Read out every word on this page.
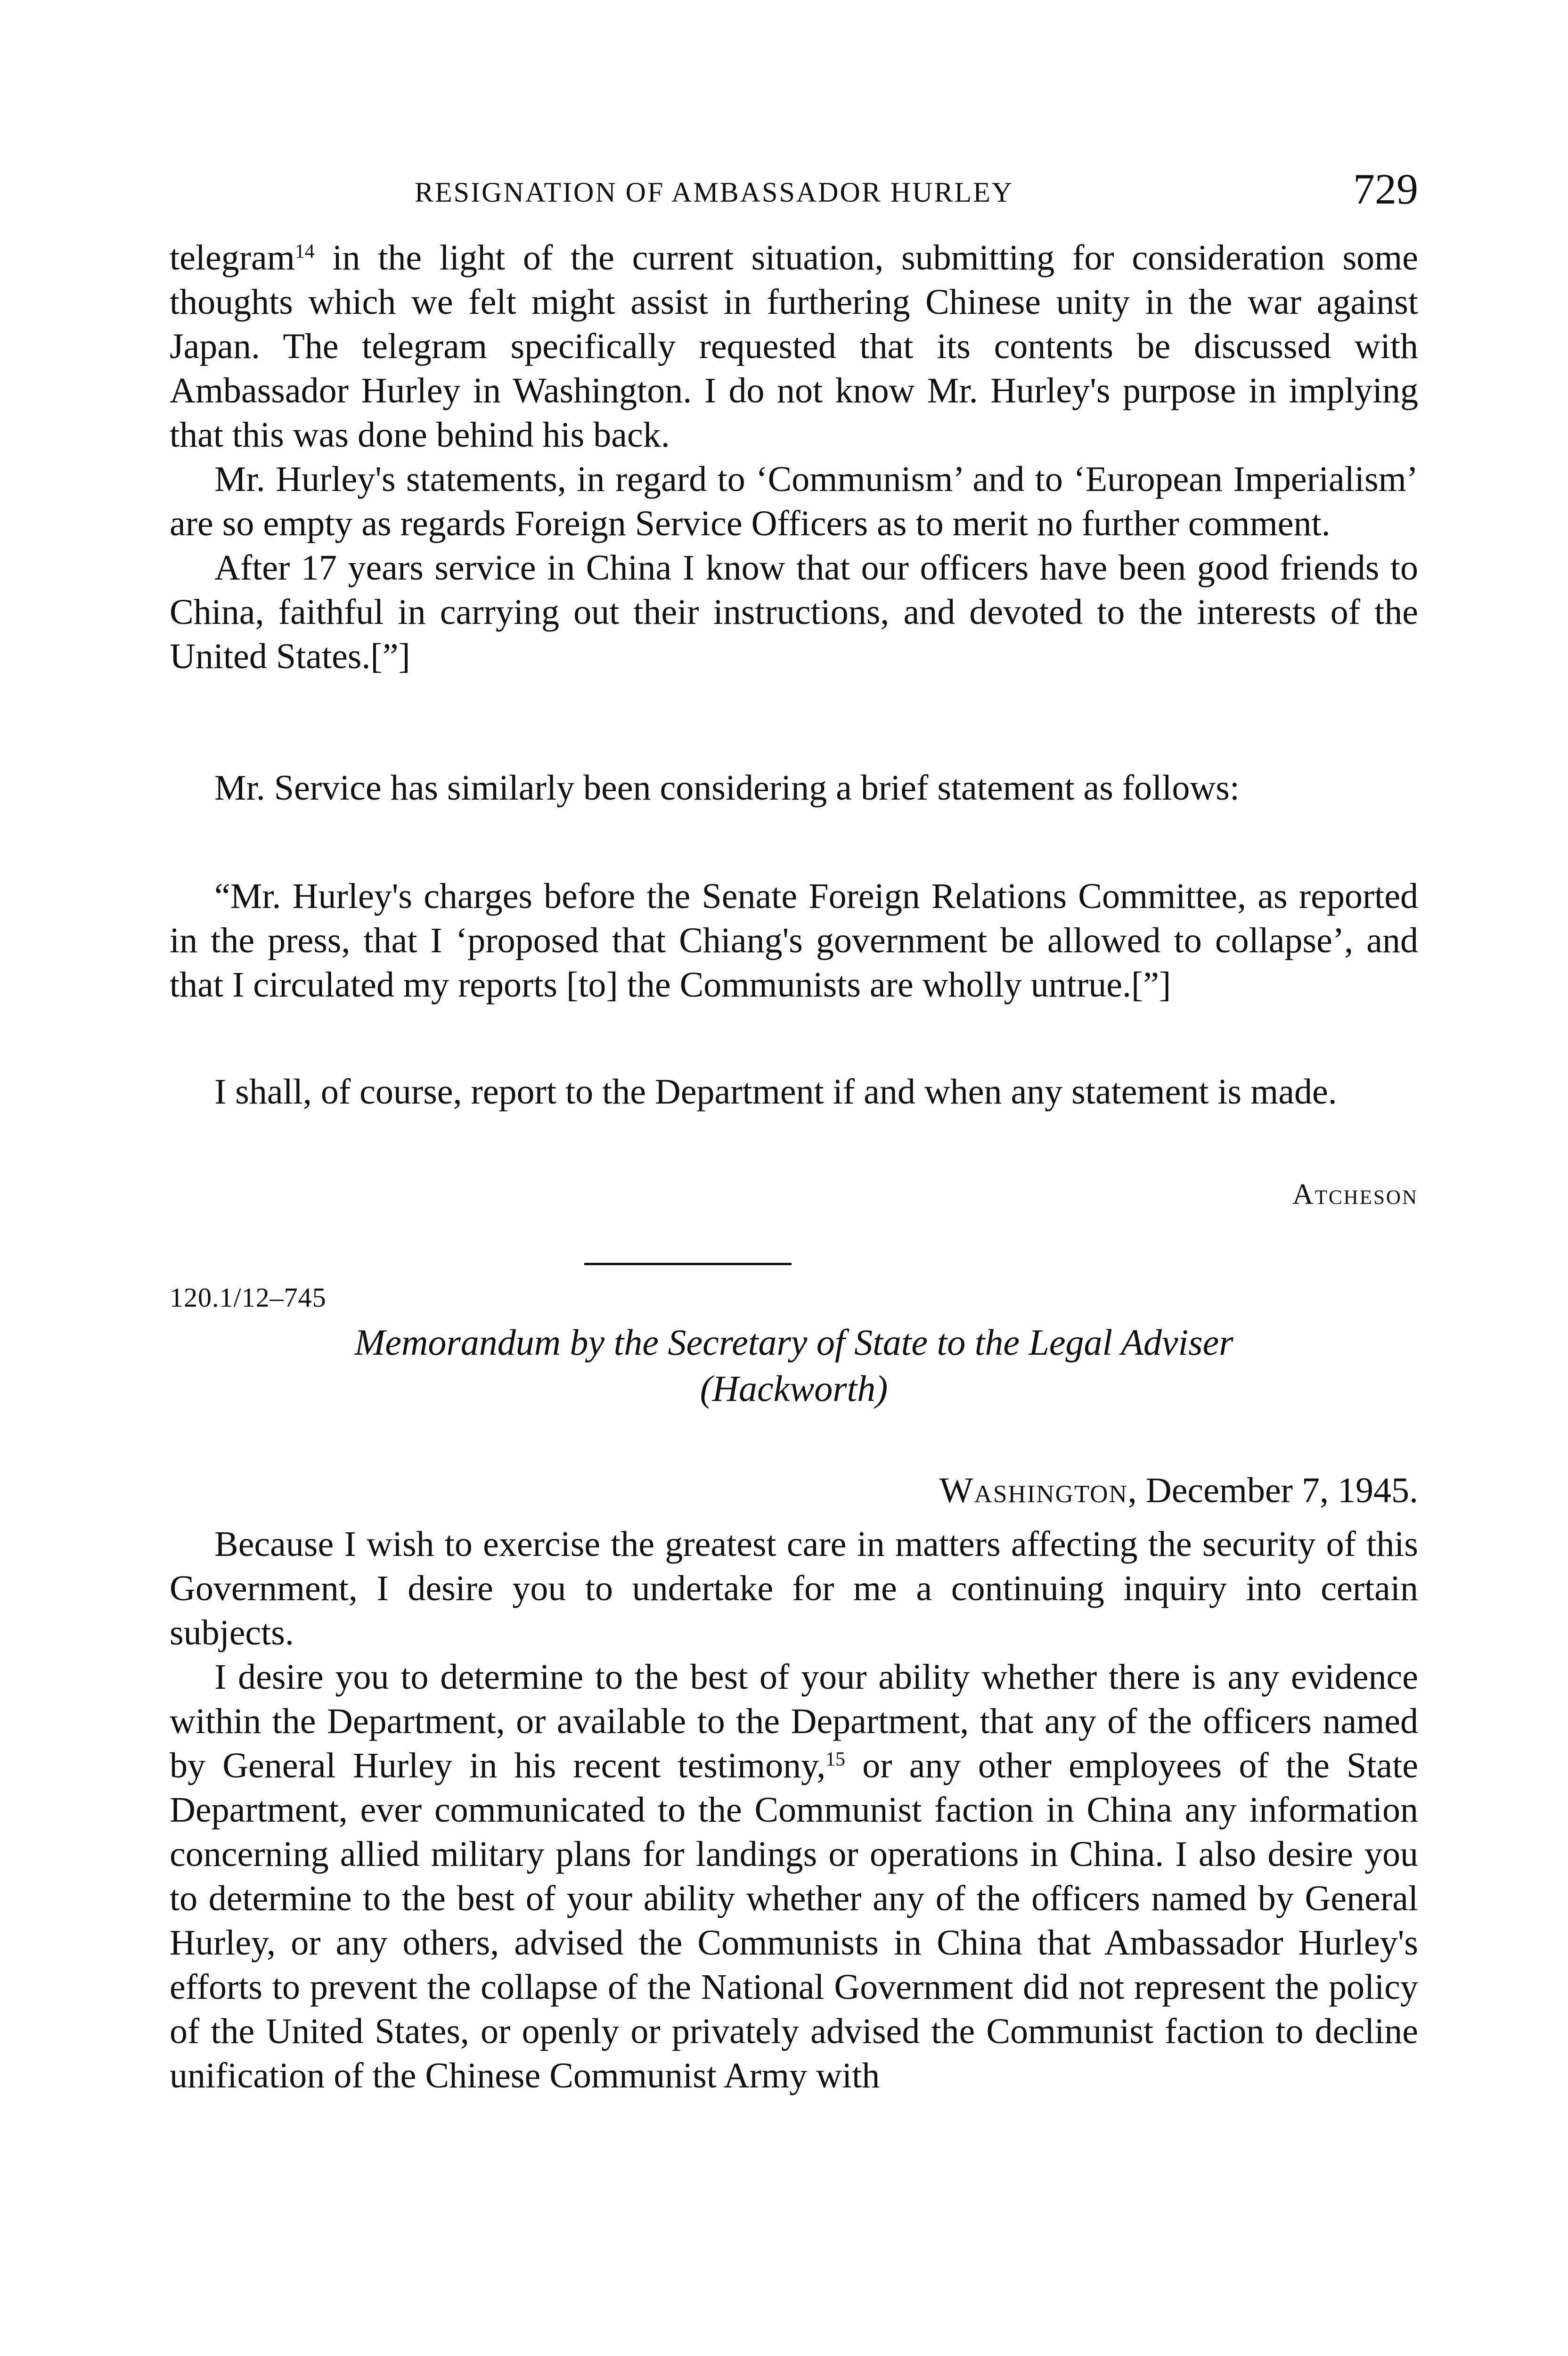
RESIGNATION OF AMBASSADOR HURLEY	729

telegram$^{14}$ in the light of the current situation, submitting for consideration some thoughts which we felt might assist in furthering Chinese unity in the war against Japan. The telegram specifically requested that its contents be discussed with Ambassador Hurley in Washington. I do not know Mr. Hurley's purpose in implying that this was done behind his back.

Mr. Hurley's statements, in regard to ‘Communism’ and to ‘European Imperialism’ are so empty as regards Foreign Service Officers as to merit no further comment.

After 17 years service in China I know that our officers have been good friends to China, faithful in carrying out their instructions, and devoted to the interests of the United States.[”]

Mr. Service has similarly been considering a brief statement as follows:

“Mr. Hurley's charges before the Senate Foreign Relations Committee, as reported in the press, that I ‘proposed that Chiang's government be allowed to collapse’, and that I circulated my reports [to] the Communists are wholly untrue.[”]

I shall, of course, report to the Department if and when any statement is made.

Atcheson
120.1/12–745
Memorandum by the Secretary of State to the Legal Adviser
(Hackworth)
Washington, December 7, 1945.

Because I wish to exercise the greatest care in matters affecting the security of this Government, I desire you to undertake for me a continuing inquiry into certain subjects.

I desire you to determine to the best of your ability whether there is any evidence within the Department, or available to the Department, that any of the officers named by General Hurley in his recent testimony,$^{15}$ or any other employees of the State Department, ever communicated to the Communist faction in China any information concerning allied military plans for landings or operations in China. I also desire you to determine to the best of your ability whether any of the officers named by General Hurley, or any others, advised the Communists in China that Ambassador Hurley's efforts to prevent the collapse of the National Government did not represent the policy of the United States, or openly or privately advised the Communist faction to decline unification of the Chinese Communist Army with
